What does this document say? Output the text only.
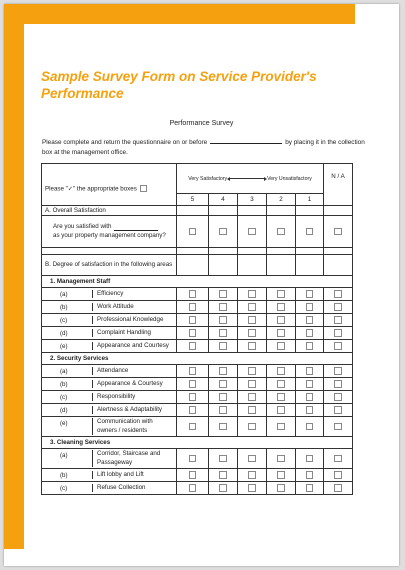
Sample Survey Form on Service Provider's
Performance
Performance Survey
Please complete and return the questionnaire on or before	by placing it in the collection box at the management office.
Please "✓" the appropriate boxes	
Very Satisfactory	Very Unsatisfactory	N / A
5	4	3	2	1
A. Overall Satisfaction						

Are you satisfied with
as your property management company?

B. Degree of satisfaction in the following areas						
1. Management Staff

(a)	Efficiency

(b)	Work Attitude

(c)	Professional Knowledge

(d)	Complaint Handling

(e)	Appearance and Courtesy

2. Security Services

(a)	Attendance

(b)	Appearance & Courtesy

(c)	Responsibility

(d)	Alertness & Adaptability

(e)	Communication with owners / residents

3. Cleaning Services

(a)	Corridor, Staircase and Passageway

(b)	Lift lobby and Lift

(c)	Refuse Collection
